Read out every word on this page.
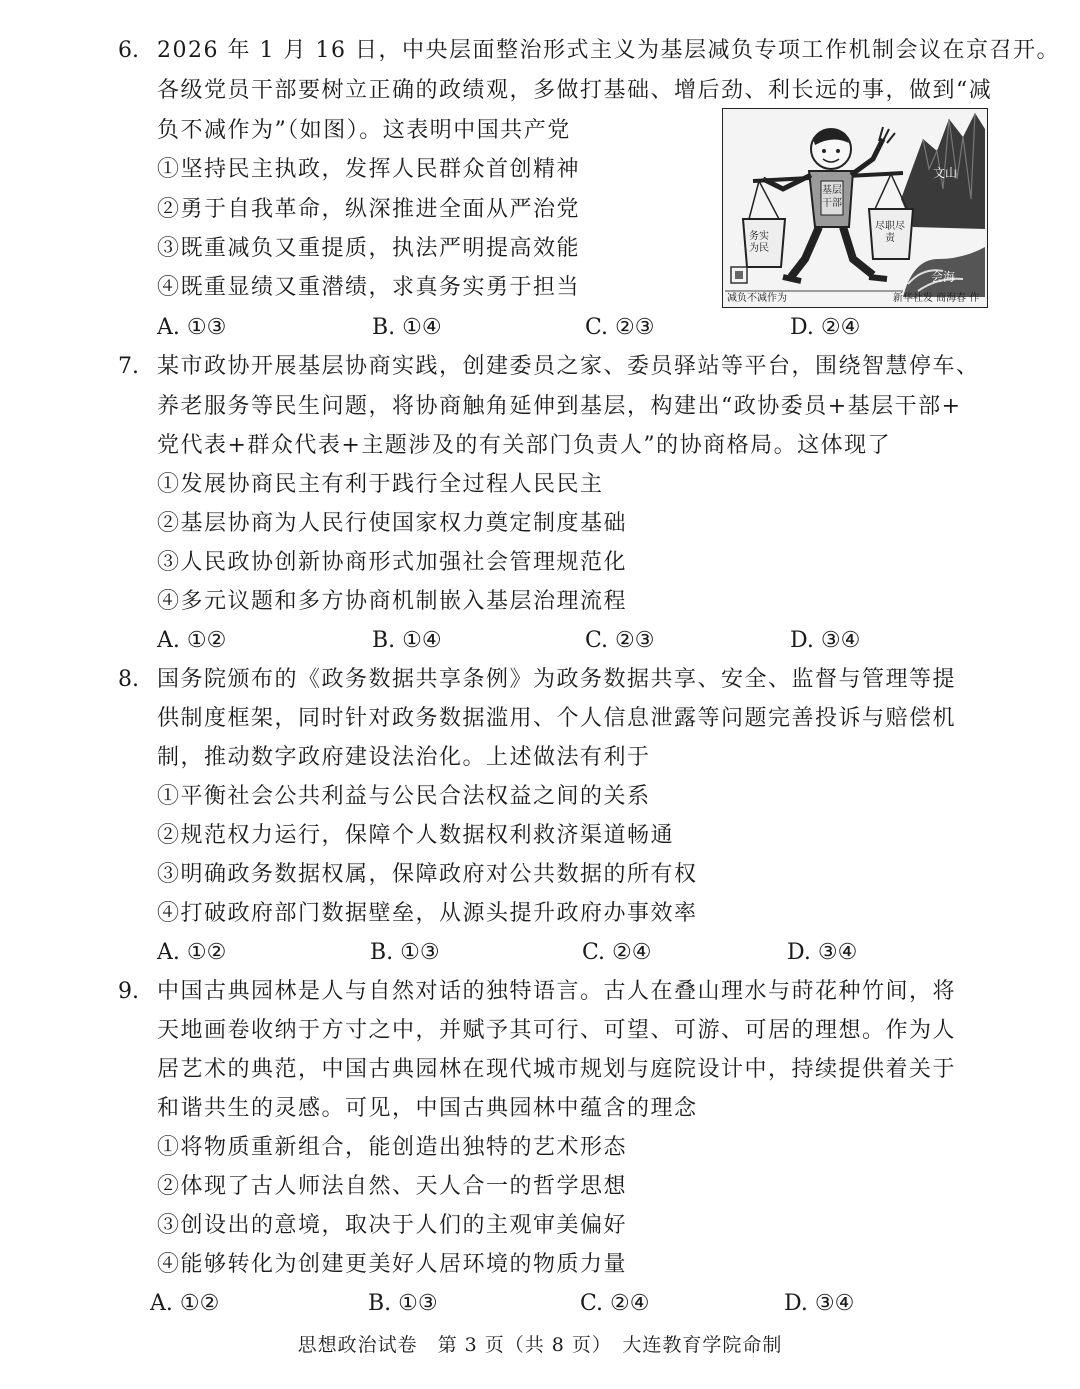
6. 2026 年 1 月 16 日，中央层面整治形式主义为基层减负专项工作机制会议在京召开。
各级党员干部要树立正确的政绩观，多做打基础、增后劲、利长远的事，做到“减
负不减作为”（如图）。这表明中国共产党
①坚持民主执政，发挥人民群众首创精神
②勇于自我革命，纵深推进全面从严治党
③既重减负又重提质，执法严明提高效能
④既重显绩又重潜绩，求真务实勇于担当
A. ①③	B. ①④	C. ②③	D. ②④
务实为民
尽职尽责
基层干部
文山
会海
减负不减作为	新华社发 商海春 作
7. 某市政协开展基层协商实践，创建委员之家、委员驿站等平台，围绕智慧停车、
养老服务等民生问题，将协商触角延伸到基层，构建出“政协委员+基层干部+
党代表+群众代表+主题涉及的有关部门负责人”的协商格局。这体现了
①发展协商民主有利于践行全过程人民民主
②基层协商为人民行使国家权力奠定制度基础
③人民政协创新协商形式加强社会管理规范化
④多元议题和多方协商机制嵌入基层治理流程
A. ①②	B. ①④	C. ②③	D. ③④
8. 国务院颁布的《政务数据共享条例》为政务数据共享、安全、监督与管理等提
供制度框架，同时针对政务数据滥用、个人信息泄露等问题完善投诉与赔偿机
制，推动数字政府建设法治化。上述做法有利于
①平衡社会公共利益与公民合法权益之间的关系
②规范权力运行，保障个人数据权利救济渠道畅通
③明确政务数据权属，保障政府对公共数据的所有权
④打破政府部门数据壁垒，从源头提升政府办事效率
A. ①②	B. ①③	C. ②④	D. ③④
9. 中国古典园林是人与自然对话的独特语言。古人在叠山理水与莳花种竹间，将
天地画卷收纳于方寸之中，并赋予其可行、可望、可游、可居的理想。作为人
居艺术的典范，中国古典园林在现代城市规划与庭院设计中，持续提供着关于
和谐共生的灵感。可见，中国古典园林中蕴含的理念
①将物质重新组合，能创造出独特的艺术形态
②体现了古人师法自然、天人合一的哲学思想
③创设出的意境，取决于人们的主观审美偏好
④能够转化为创建更美好人居环境的物质力量
A. ①②	B. ①③	C. ②④	D. ③④
思想政治试卷　第 3 页（共 8 页）　大连教育学院命制
